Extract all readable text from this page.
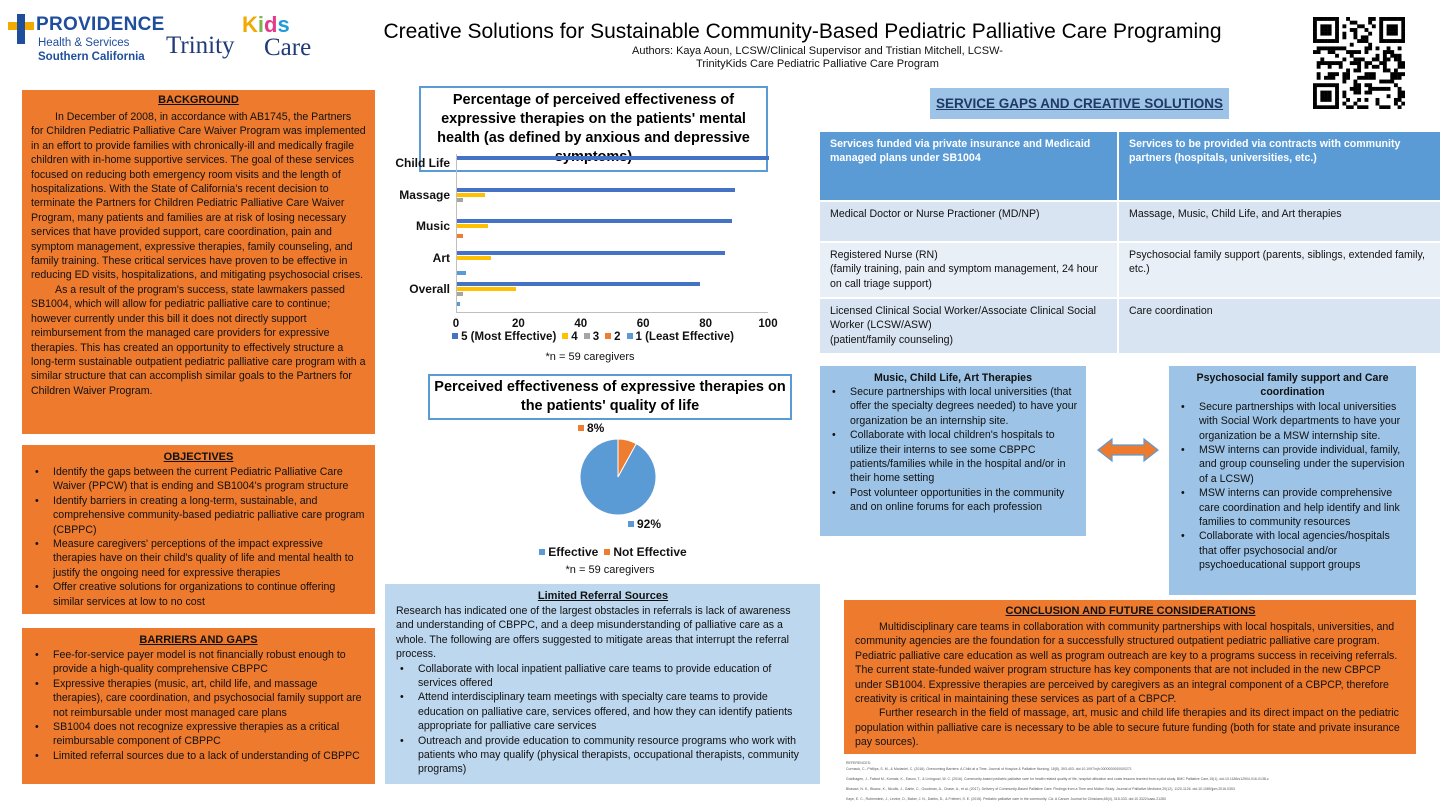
PROVIDENCE
Health & Services
Southern California Trinity
Kids
Care
Creative Solutions for Sustainable Community-Based Pediatric Palliative Care Programing
Authors: Kaya Aoun, LCSW/Clinical Supervisor and Tristian Mitchell, LCSW-
TrinityKids Care Pediatric Palliative Care Program
BACKGROUND
In December of 2008, in accordance with AB1745, the Partners for Children Pediatric Palliative Care Waiver Program was implemented in an effort to provide families with chronically-ill and medically fragile children with in-home supportive services. The goal of these services focused on reducing both emergency room visits and the length of hospitalizations. With the State of California's recent decision to terminate the Partners for Children Pediatric Palliative Care Waiver Program, many patients and families are at risk of losing necessary services that have provided support, care coordination, pain and symptom management, expressive therapies, family counseling, and family training. These critical services have proven to be effective in reducing ED visits, hospitalizations, and mitigating psychosocial crises.
As a result of the program's success, state lawmakers passed SB1004, which will allow for pediatric palliative care to continue; however currently under this bill it does not directly support reimbursement from the managed care providers for expressive therapies. This has created an opportunity to effectively structure a long-term sustainable outpatient pediatric palliative care program with a similar structure that can accomplish similar goals to the Partners for Children Waiver Program.
OBJECTIVES
• Identify the gaps between the current Pediatric Palliative Care Waiver (PPCW) that is ending and SB1004's program structure
• Identify barriers in creating a long-term, sustainable, and comprehensive community-based pediatric palliative care program (CBPPC)
• Measure caregivers' perceptions of the impact expressive therapies have on their child's quality of life and mental health to justify the ongoing need for expressive therapies
• Offer creative solutions for organizations to continue offering similar services at low to no cost
BARRIERS AND GAPS
• Fee-for-service payer model is not financially robust enough to provide a high-quality comprehensive CBPPC
• Expressive therapies (music, art, child life, and massage therapies), care coordination, and psychosocial family support are not reimbursable under most managed care plans
• SB1004 does not recognize expressive therapies as a critical reimbursable component of CBPPC
• Limited referral sources due to a lack of understanding of CBPPC
Percentage of perceived effectiveness of expressive therapies on the patients' mental health (as defined by anxious and depressive
Child Life
Massage
Music
Art
Overall
0	20	40	60	80	100
5 (Most Effective) 4 3 2 1 (Least Effective)
*n = 59 caregivers
Perceived effectiveness of expressive therapies on the patients' quality of life
8%
92%
Effective Not Effective
*n = 59 caregivers
Limited Referral Sources
Research has indicated one of the largest obstacles in referrals is lack of awareness and understanding of CBPPC, and a deep misunderstanding of palliative care as a whole. The following are offers suggested to mitigate areas that interrupt the referral process.
• Collaborate with local inpatient palliative care teams to provide education of services offered
• Attend interdisciplinary team meetings with specialty care teams to provide education on palliative care, services offered, and how they can identify patients appropriate for palliative care services
• Outreach and provide education to community resource programs who work with patients who may qualify (physical therapists, occupational therapists, community programs)
SERVICE GAPS AND CREATIVE SOLUTIONS
Services funded via private insurance and Medicaid managed plans under SB1004	Services to be provided via contracts with community partners (hospitals, universities, etc.)
Medical Doctor or Nurse Practioner (MD/NP)	Massage, Music, Child Life, and Art therapies
Registered Nurse (RN)
(family training, pain and symptom management, 24 hour on call triage support)	Psychosocial family support (parents, siblings, extended family, etc.)
Licensed Clinical Social Worker/Associate Clinical Social Worker (LCSW/ASW)
(patient/family counseling)	Care coordination
Music, Child Life, Art Therapies
• Secure partnerships with local universities (that offer the specialty degrees needed) to have your organization be an internship site.
• Collaborate with local children's hospitals to utilize their interns to see some CBPPC patients/families while in the hospital and/or in their home setting
• Post volunteer opportunities in the community and on online forums for each profession
Psychosocial family support and Care coordination
• Secure partnerships with local universities with Social Work departments to have your organization be a MSW internship site.
• MSW interns can provide individual, family, and group counseling under the supervision of a LCSW)
• MSW interns can provide comprehensive care coordination and help identify and link families to community resources
• Collaborate with local agencies/hospitals that offer psychosocial and/or psychoeducational support groups
CONCLUSION AND FUTURE CONSIDERATIONS
Multidisciplinary care teams in collaboration with community partnerships with local hospitals, universities, and community agencies are the foundation for a successfully structured outpatient pediatric palliative care program. Pediatric palliative care education as well as program outreach are key to a programs success in receiving referrals. The current state-funded waiver program structure has key components that are not included in the new CBPCP under SB1004. Expressive therapies are perceived by caregivers as an integral component of a CBPCP, therefore creativity is critical in maintaining these services as part of a CBPCP.
Further research in the field of massage, art, music and child life therapies and its direct impact on the pediatric population within palliative care is necessary to be able to secure future funding (both for state and private insurance pay sources).
REFERENCES:
Cormack, C., Phillips, S. M., & Mcdaniel, C. (2016). Overcoming Barriers: A Child at a Time. Journal of Hospice & Palliative Nursing, 18(5), 393-403. doi:10.1097/njh.0000000000000271
Goldhagen, J., Fafard M., Komatz, K., Eason, T., & Livingood, W. C. (2016). Community-based pediatric palliative care for health related quality of life, hospital utilization and costs lessons learned from a pilot study. BMC Palliative Care,15(1). doi:10.1186/s12904-016-0138-z
Bhasavi, N. K., Bisanz, K., Nicolls, J., Gable, C., Goodman, A., Chase, A., et al. (2017). Delivery of Community-Based Palliative Care: Findings from a Time and Motion Study. Journal of Palliative Medicine,20(12), 1120-1126. doi:10.1089/jpm.2016.0353
Kaye, E. C., Rubenstein, J., Levine, D., Baker, J. N., Dabbs, D., & Friebert, S. E. (2015). Pediatric palliative care in the community. CA: A Cancer Journal for Clinicians,65(4), 315-333. doi:10.3322/caac.21280
